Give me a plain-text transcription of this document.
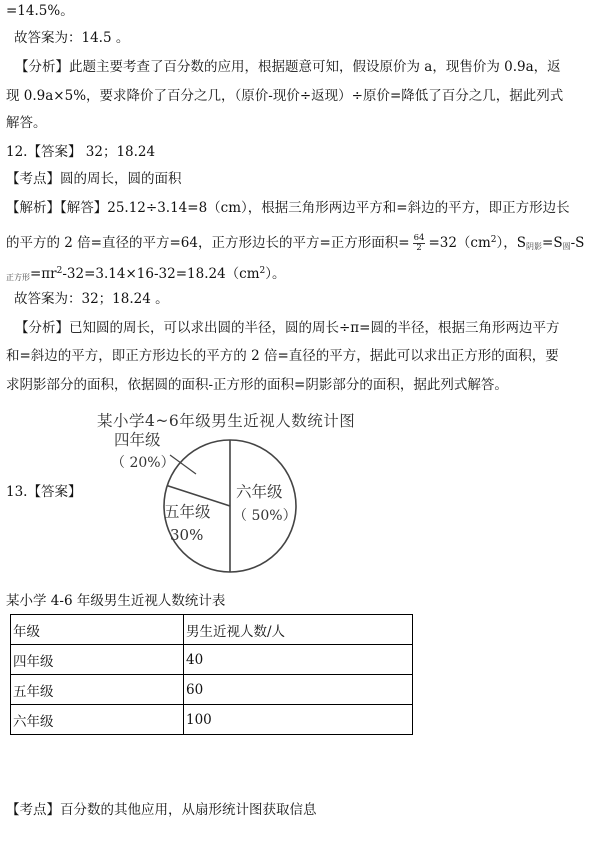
=14.5%。
故答案为：14.5 。
【分析】此题主要考查了百分数的应用，根据题意可知，假设原价为 a，现售价为 0.9a，返
现 0.9a×5%，要求降价了百分之几，（原价-现价÷返现）÷原价=降低了百分之几，据此列式
解答。
12.【答案】 32；18.24
【考点】圆的周长，圆的面积
【解析】【解答】25.12÷3.14=8（cm），根据三角形两边平方和=斜边的平方，即正方形边长
的平方的 2 倍=直径的平方=64，正方形边长的平方=正方形面积= $\frac{64}{2} =32(cm^2)$，$S_{阴影}=S_圆-S$
$_{正方形}=\pi r^2-32=3.14\times 16-32=18.24(cm^2)$。
故答案为：32；18.24 。
【分析】已知圆的周长，可以求出圆的半径，圆的周长÷π=圆的半径，根据三角形两边平方
和=斜边的平方，即正方形边长的平方的 2 倍=直径的平方，据此可以求出正方形的面积，要
求阴影部分的面积，依据圆的面积-正方形的面积=阴影部分的面积，据此列式解答。
某小学4~6年级男生近视人数统计图
13.【答案】	六年级
（ 50%）
五年级
30%
四年级
（ 20%）
某小学 4-6 年级男生近视人数统计表
年级	男生近视人数/人
四年级	40
五年级	60
六年级	100
【考点】百分数的其他应用，从扇形统计图获取信息
